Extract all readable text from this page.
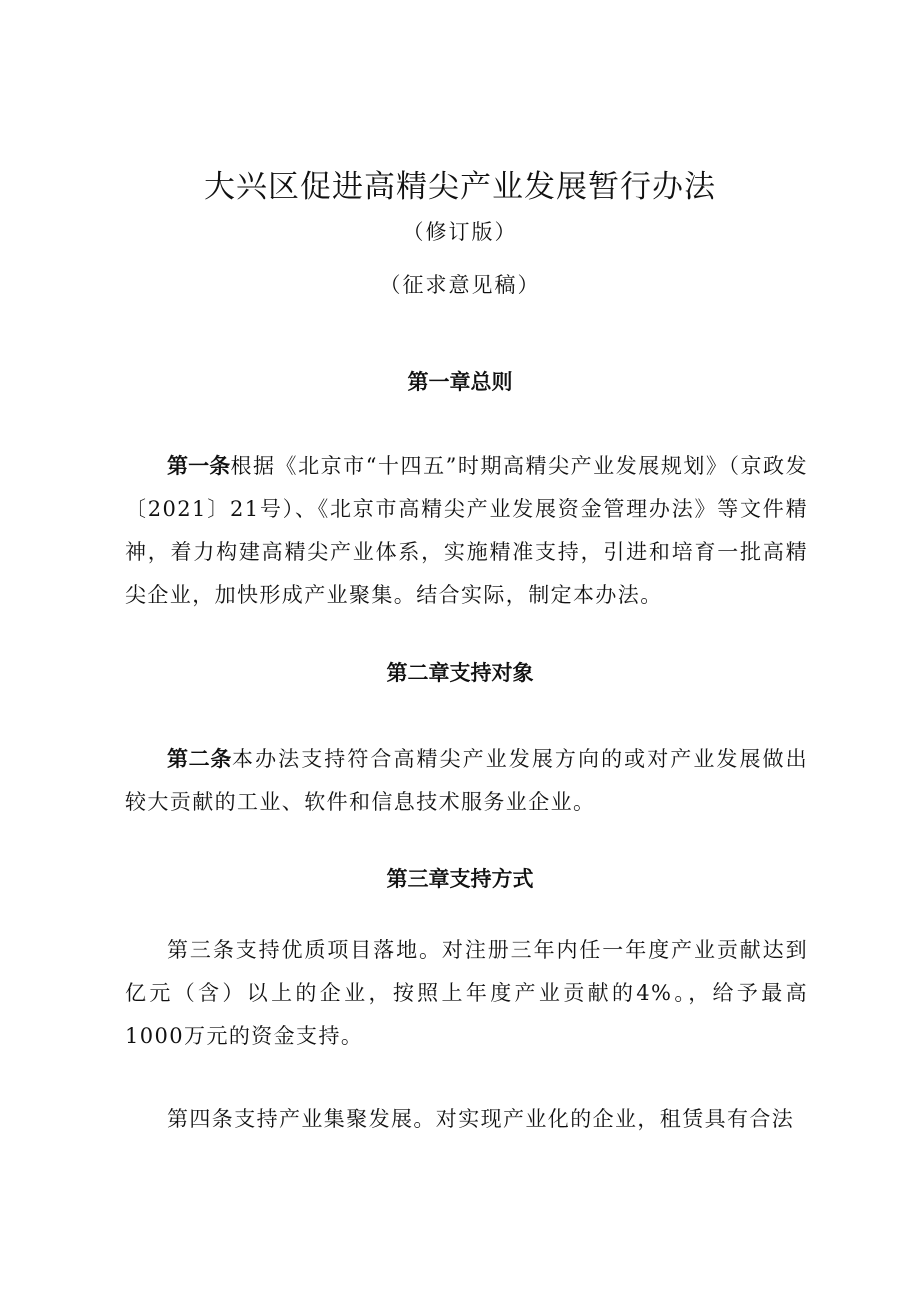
大兴区促进高精尖产业发展暂行办法
（修订版）
（征求意见稿）
第一章总则

第一条根据《北京市“十四五”时期高精尖产业发展规划》（京政发〔2021〕21号）、《北京市高精尖产业发展资金管理办法》等文件精神，着力构建高精尖产业体系，实施精准支持，引进和培育一批高精尖企业，加快形成产业聚集。结合实际，制定本办法。

第二章支持对象

第二条本办法支持符合高精尖产业发展方向的或对产业发展做出较大贡献的工业、软件和信息技术服务业企业。

第三章支持方式

第三条支持优质项目落地。对注册三年内任一年度产业贡献达到亿元（含）以上的企业，按照上年度产业贡献的4%。，给予最高1000万元的资金支持。

第四条支持产业集聚发展。对实现产业化的企业，租赁具有合法
